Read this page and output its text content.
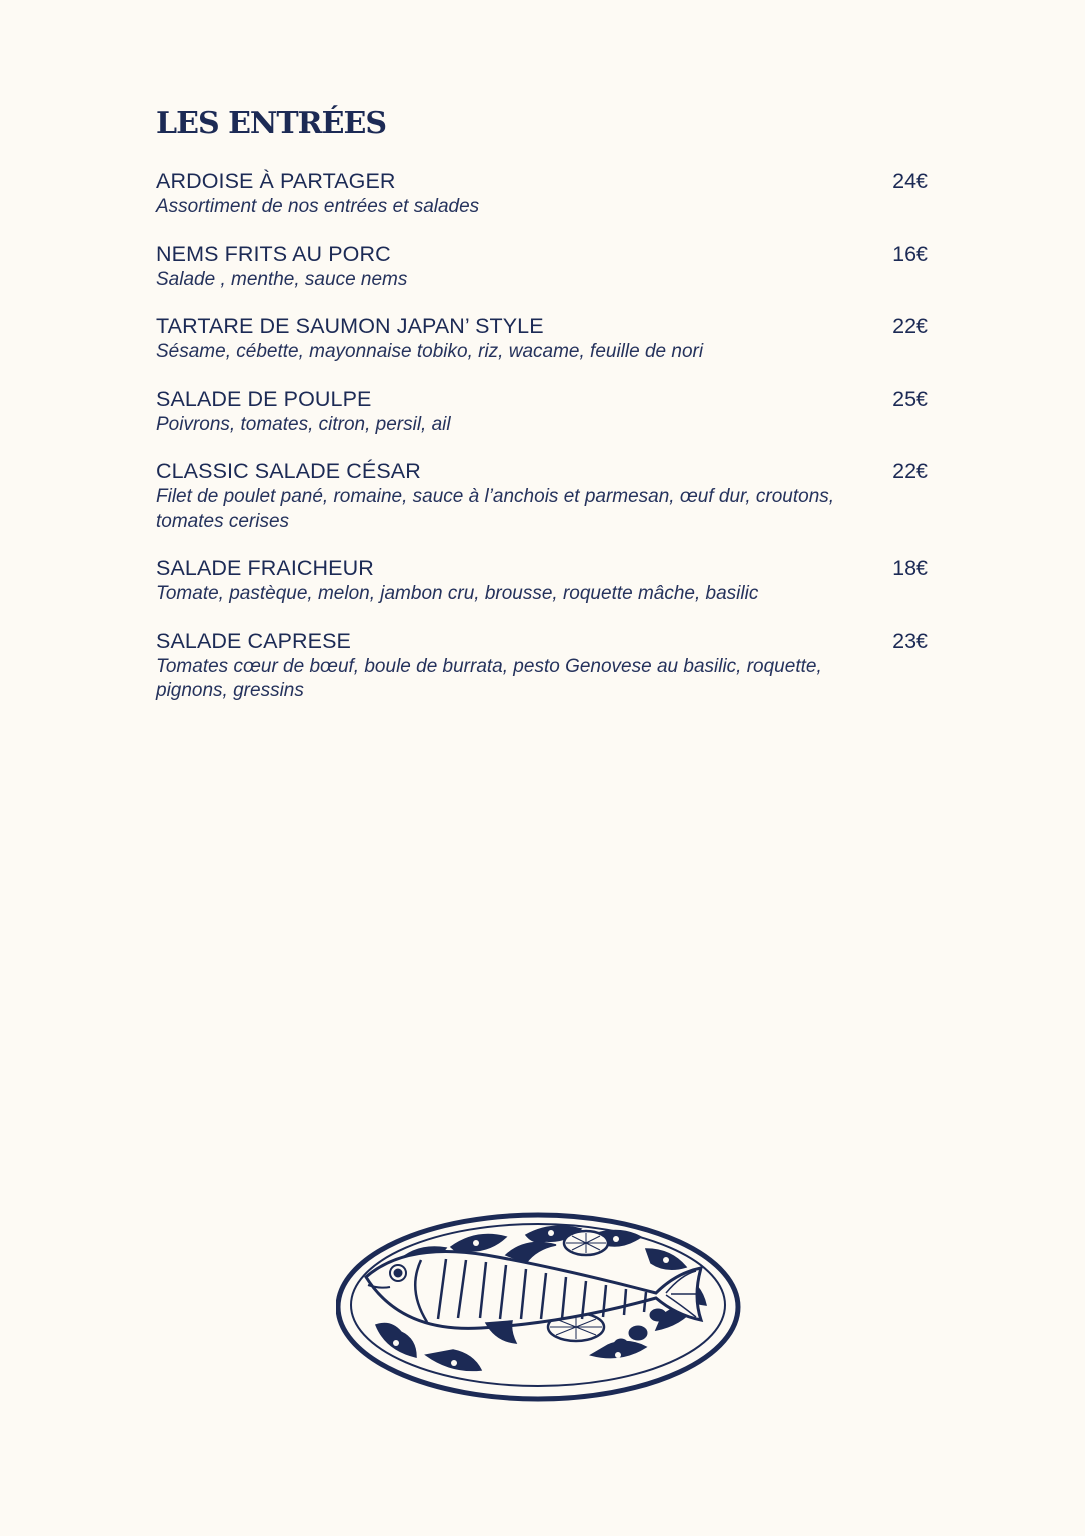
LES ENTRÉES
ARDOISE À PARTAGER	24€
Assortiment de nos entrées et salades
NEMS FRITS AU PORC	16€
Salade , menthe, sauce nems
TARTARE DE SAUMON JAPAN’ STYLE	22€
Sésame, cébette, mayonnaise tobiko, riz, wacame, feuille de nori
SALADE DE POULPE	25€
Poivrons, tomates, citron, persil, ail
CLASSIC SALADE CÉSAR	22€
Filet de poulet pané, romaine, sauce à l’anchois et parmesan, œuf dur, croutons, tomates cerises
SALADE FRAICHEUR	18€
Tomate, pastèque, melon, jambon cru, brousse, roquette mâche, basilic
SALADE CAPRESE	23€
Tomates cœur de bœuf, boule de burrata, pesto Genovese au basilic, roquette, pignons, gressins
